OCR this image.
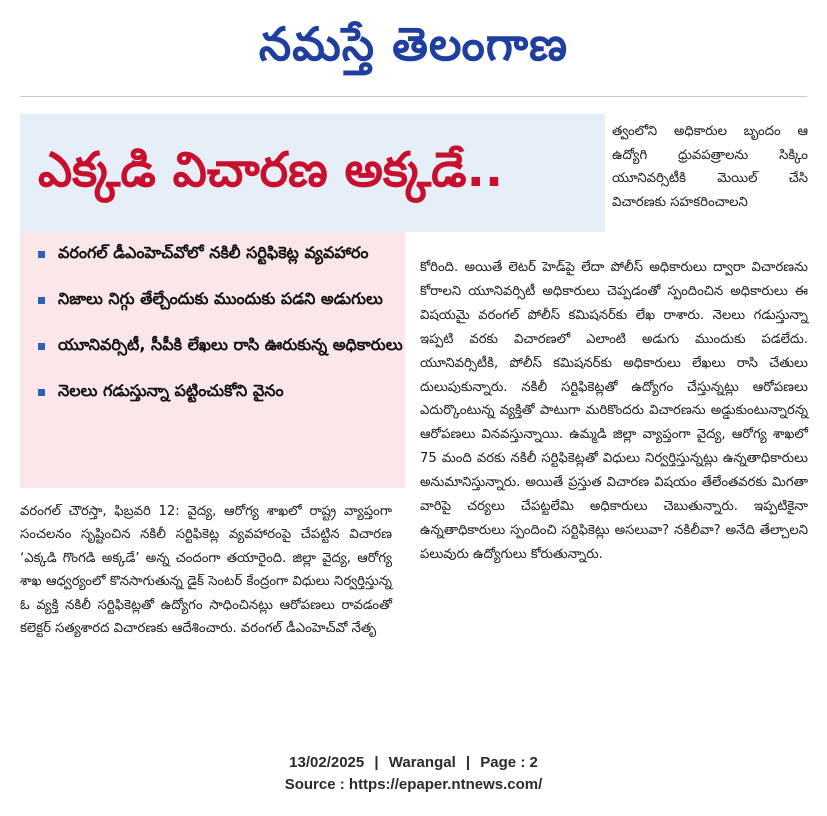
నమస్తే తెలంగాణ
ఎక్కడి విచారణ అక్కడే..
వరంగల్ డీఎంహెచ్‌వోలో నకిలీ సర్టిఫికెట్ల వ్యవహారం
నిజాలు నిగ్గు తేల్చేందుకు ముందుకు పడని అడుగులు
యూనివర్సిటీ, సీపీకి లేఖలు రాసి ఊరుకున్న అధికారులు
నెలలు గడుస్తున్నా పట్టించుకోని వైనం
త్వంలోని అధికారుల బృందం ఆ ఉద్యోగి ధ్రువపత్రాలను సిక్కిం యూనివర్సిటీకి మెయిల్ చేసి విచారణకు సహకరించాలని
కోరింది. అయితే లెటర్ హెడ్‌పై లేదా పోలీస్ అధికారులు ద్వారా విచారణను కోరాలని యూనివర్సిటీ అధికారులు చెప్పడంతో స్పందించిన అధికారులు ఈ విషయమై వరంగల్ పోలీస్ కమిషనర్‌కు లేఖ రాశారు. నెలలు గడుస్తున్నా ఇప్పటి వరకు విచారణలో ఎలాంటి అడుగు ముందుకు పడలేదు. యూనివర్సిటీకి, పోలీస్ కమిషనర్‌కు అధికారులు లేఖలు రాసి చేతులు దులుపుకున్నారు. నకిలీ సర్టిఫికెట్లతో ఉద్యోగం చేస్తున్నట్లు ఆరోపణలు ఎదుర్కొంటున్న వ్యక్తితో పాటుగా మరికొందరు విచారణను అడ్డుకుంటున్నారన్న ఆరోపణలు వినవస్తున్నాయి. ఉమ్మడి జిల్లా వ్యాప్తంగా వైద్య, ఆరోగ్య శాఖలో 75 మంది వరకు నకిలీ సర్టిఫికెట్లతో విధులు నిర్వర్తిస్తున్నట్లు ఉన్నతాధికారులు అనుమానిస్తున్నారు. అయితే ప్రస్తుత విచారణ విషయం తేలేంతవరకు మిగతా వారిపై చర్యలు చేపట్టలేమి అధికారులు చెబుతున్నారు. ఇప్పటికైనా ఉన్నతాధికారులు స్పందించి సర్టిఫికెట్లు అసలువా? నకిలీవా? అనేది తేల్చాలని పలువురు ఉద్యోగులు కోరుతున్నారు.
వరంగల్ చౌరస్తా, ఫిబ్రవరి 12: వైద్య, ఆరోగ్య శాఖలో రాష్ట్ర వ్యాప్తంగా సంచలనం సృష్టించిన నకిలీ సర్టిఫికెట్ల వ్యవహారంపై చేపట్టిన విచారణ ‘ఎక్కడి గొంగడి అక్కడే’ అన్న చందంగా తయారైంది. జిల్లా వైద్య, ఆరోగ్య శాఖ ఆధ్వర్యంలో కొనసాగుతున్న డైక్ సెంటర్ కేంద్రంగా విధులు నిర్వర్తిస్తున్న ఓ వ్యక్తి నకిలీ సర్టిఫికెట్లతో ఉద్యోగం సాధించినట్లు ఆరోపణలు రావడంతో కలెక్టర్ సత్యశారద విచారణకు ఆదేశించారు. వరంగల్ డీఎంహెచ్‌వో నేతృ
13/02/2025 | Warangal | Page : 2
Source : https://epaper.ntnews.com/
